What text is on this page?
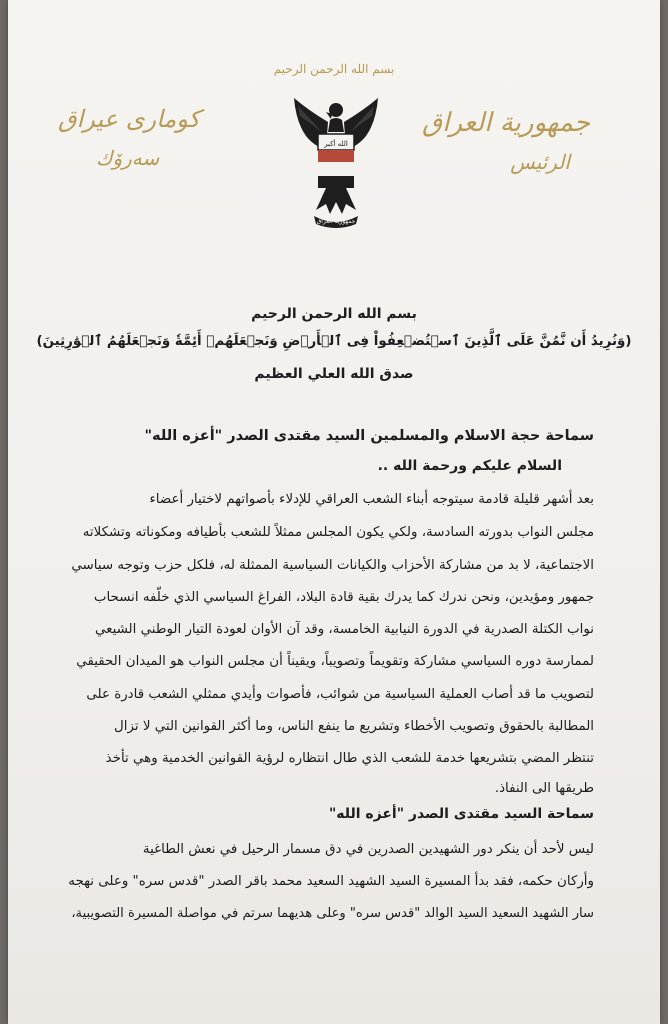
بسم الله الرحمن الرحيم
جمهورية العراق
الرئيس
كوماری عیراق
سەرۆك
الله أكبر
جمهورية العراق
بسم الله الرحمن الرحيم
(وَنُرِيدُ أَن نَّمُنَّ عَلَى ٱلَّذِينَ ٱسۡتُضۡعِفُواْ فِى ٱلۡأَرۡضِ وَنَجۡعَلَهُمۡ أَئِمَّةٗ وَنَجۡعَلَهُمُ ٱلۡوَٰرِثِينَ)
صدق الله العلي العظيم
سماحة حجة الاسلام والمسلمين السيد مقتدى الصدر "أعزه الله"
السلام عليكم ورحمة الله ..
بعد أشهر قليلة قادمة سيتوجه أبناء الشعب العراقي للإدلاء بأصواتهم لاختيار أعضاء
مجلس النواب بدورته السادسة، ولكي يكون المجلس ممثلاً للشعب بأطيافه ومكوناته وتشكلاته
الاجتماعية، لا بد من مشاركة الأحزاب والكيانات السياسية الممثلة له، فلكل حزب وتوجه سياسي
جمهور ومؤيدين، ونحن ندرك كما يدرك بقية قادة البلاد، الفراغ السياسي الذي خلّفه انسحاب
نواب الكتلة الصدرية في الدورة النيابية الخامسة، وقد آن الأوان لعودة التيار الوطني الشيعي
لممارسة دوره السياسي مشاركة وتقويماً وتصويباً، ويقيناً أن مجلس النواب هو الميدان الحقيقي
لتصويب ما قد أصاب العملية السياسية من شوائب، فأصوات وأيدي ممثلي الشعب قادرة على
المطالبة بالحقوق وتصويب الأخطاء وتشريع ما ينفع الناس، وما أكثر القوانين التي لا تزال
تنتظر المضي بتشريعها خدمة للشعب الذي طال انتظاره لرؤية القوانين الخدمية وهي تأخذ
طريقها الى النفاذ.
سماحة السيد مقتدى الصدر "أعزه الله"
ليس لأحد أن ينكر دور الشهيدين الصدرين في دق مسمار الرحيل في نعش الطاغية
وأركان حكمه، فقد بدأ المسيرة السيد الشهيد السعيد محمد باقر الصدر "قدس سره" وعلى نهجه
سار الشهيد السعيد السيد الوالد "قدس سره" وعلى هديهما سرتم في مواصلة المسيرة التصويبية،
